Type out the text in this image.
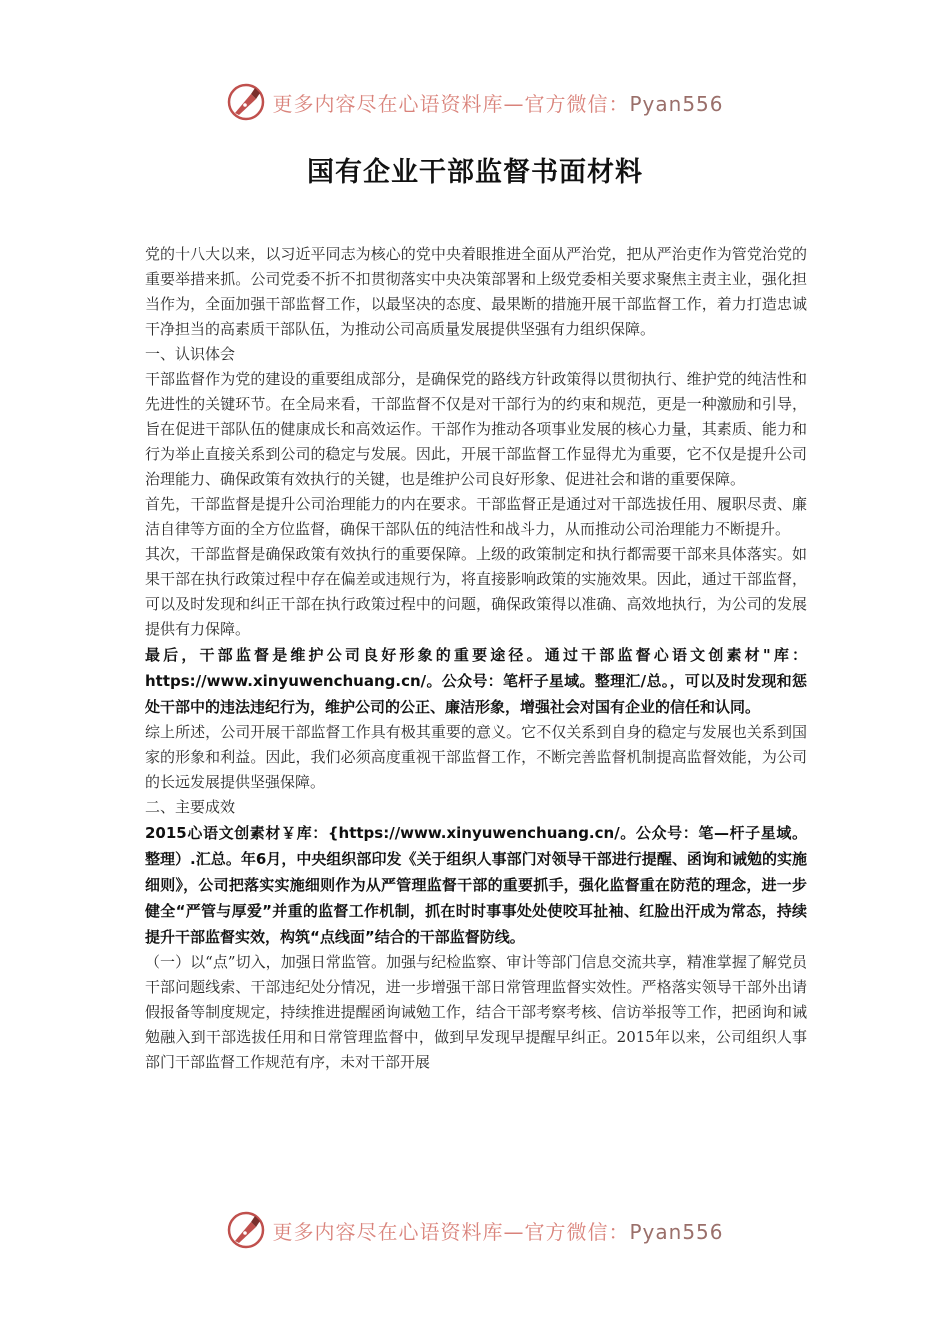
更多内容尽在心语资料库—官方微信：Pyan556
国有企业干部监督书面材料

党的十八大以来，以习近平同志为核心的党中央着眼推进全面从严治党，把从严治吏作为管党治党的重要举措来抓。公司党委不折不扣贯彻落实中央决策部署和上级党委相关要求聚焦主责主业，强化担当作为，全面加强干部监督工作，以最坚决的态度、最果断的措施开展干部监督工作，着力打造忠诚干净担当的高素质干部队伍，为推动公司高质量发展提供坚强有力组织保障。

一、认识体会

干部监督作为党的建设的重要组成部分，是确保党的路线方针政策得以贯彻执行、维护党的纯洁性和先进性的关键环节。在全局来看，干部监督不仅是对干部行为的约束和规范，更是一种激励和引导，旨在促进干部队伍的健康成长和高效运作。干部作为推动各项事业发展的核心力量，其素质、能力和行为举止直接关系到公司的稳定与发展。因此，开展干部监督工作显得尤为重要，它不仅是提升公司治理能力、确保政策有效执行的关键，也是维护公司良好形象、促进社会和谐的重要保障。

首先，干部监督是提升公司治理能力的内在要求。干部监督正是通过对干部选拔任用、履职尽责、廉洁自律等方面的全方位监督，确保干部队伍的纯洁性和战斗力，从而推动公司治理能力不断提升。

其次，干部监督是确保政策有效执行的重要保障。上级的政策制定和执行都需要干部来具体落实。如果干部在执行政策过程中存在偏差或违规行为，将直接影响政策的实施效果。因此，通过干部监督，可以及时发现和纠正干部在执行政策过程中的问题，确保政策得以准确、高效地执行，为公司的发展提供有力保障。

最后，干部监督是维护公司良好形象的重要途径。通过干部监督心语文创素材"库：https://www.xinyuwenchuang.cn/。公众号：笔杆子星域。整理汇/总。，可以及时发现和惩处干部中的违法违纪行为，维护公司的公正、廉洁形象，增强社会对国有企业的信任和认同。

综上所述，公司开展干部监督工作具有极其重要的意义。它不仅关系到自身的稳定与发展也关系到国家的形象和利益。因此，我们必须高度重视干部监督工作，不断完善监督机制提高监督效能，为公司的长远发展提供坚强保障。

二、主要成效

2015心语文创素材￥库：{https://www.xinyuwenchuang.cn/。公众号：笔—杆子星域。整理）.汇总。年6月，中央组织部印发《关于组织人事部门对领导干部进行提醒、函询和诫勉的实施细则》，公司把落实实施细则作为从严管理监督干部的重要抓手，强化监督重在防范的理念，进一步健全“严管与厚爱”并重的监督工作机制，抓在时时事事处处使咬耳扯袖、红脸出汗成为常态，持续提升干部监督实效，构筑“点线面”结合的干部监督防线。

（一）以“点”切入，加强日常监管。加强与纪检监察、审计等部门信息交流共享，精准掌握了解党员干部问题线索、干部违纪处分情况，进一步增强干部日常管理监督实效性。严格落实领导干部外出请假报备等制度规定，持续推进提醒函询诫勉工作，结合干部考察考核、信访举报等工作，把函询和诫勉融入到干部选拔任用和日常管理监督中，做到早发现早提醒早纠正。2015年以来，公司组织人事部门干部监督工作规范有序，未对干部开展

更多内容尽在心语资料库—官方微信：Pyan556
